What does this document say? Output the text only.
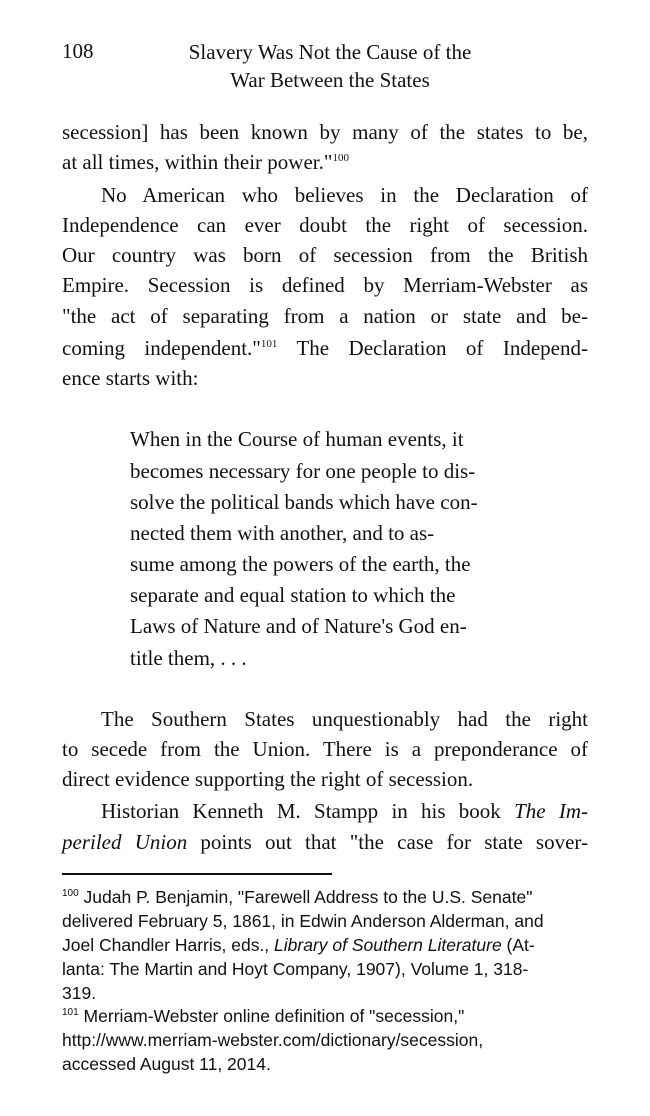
108	Slavery Was Not the Cause of the
War Between the States
secession] has been known by many of the states to be,
at all times, within their power."$^{100}$
No American who believes in the Declaration of
Independence can ever doubt the right of secession.
Our country was born of secession from the British
Empire. Secession is defined by Merriam-Webster as
"the act of separating from a nation or state and be-
coming independent."$^{101}$ The Declaration of Independ-
ence starts with:
When in the Course of human events, it
becomes necessary for one people to dis-
solve the political bands which have con-
nected them with another, and to as-
sume among the powers of the earth, the
separate and equal station to which the
Laws of Nature and of Nature's God en-
title them, . . .
The Southern States unquestionably had the right
to secede from the Union. There is a preponderance of
direct evidence supporting the right of secession.
Historian Kenneth M. Stampp in his book The Im-
periled Union points out that "the case for state sover-
$^{100}$ Judah P. Benjamin, "Farewell Address to the U.S. Senate"
delivered February 5, 1861, in Edwin Anderson Alderman, and
Joel Chandler Harris, eds., Library of Southern Literature (At-
lanta: The Martin and Hoyt Company, 1907), Volume 1, 318-
319.
$^{101}$ Merriam-Webster online definition of "secession,"
http://www.merriam-webster.com/dictionary/secession,
accessed August 11, 2014.
